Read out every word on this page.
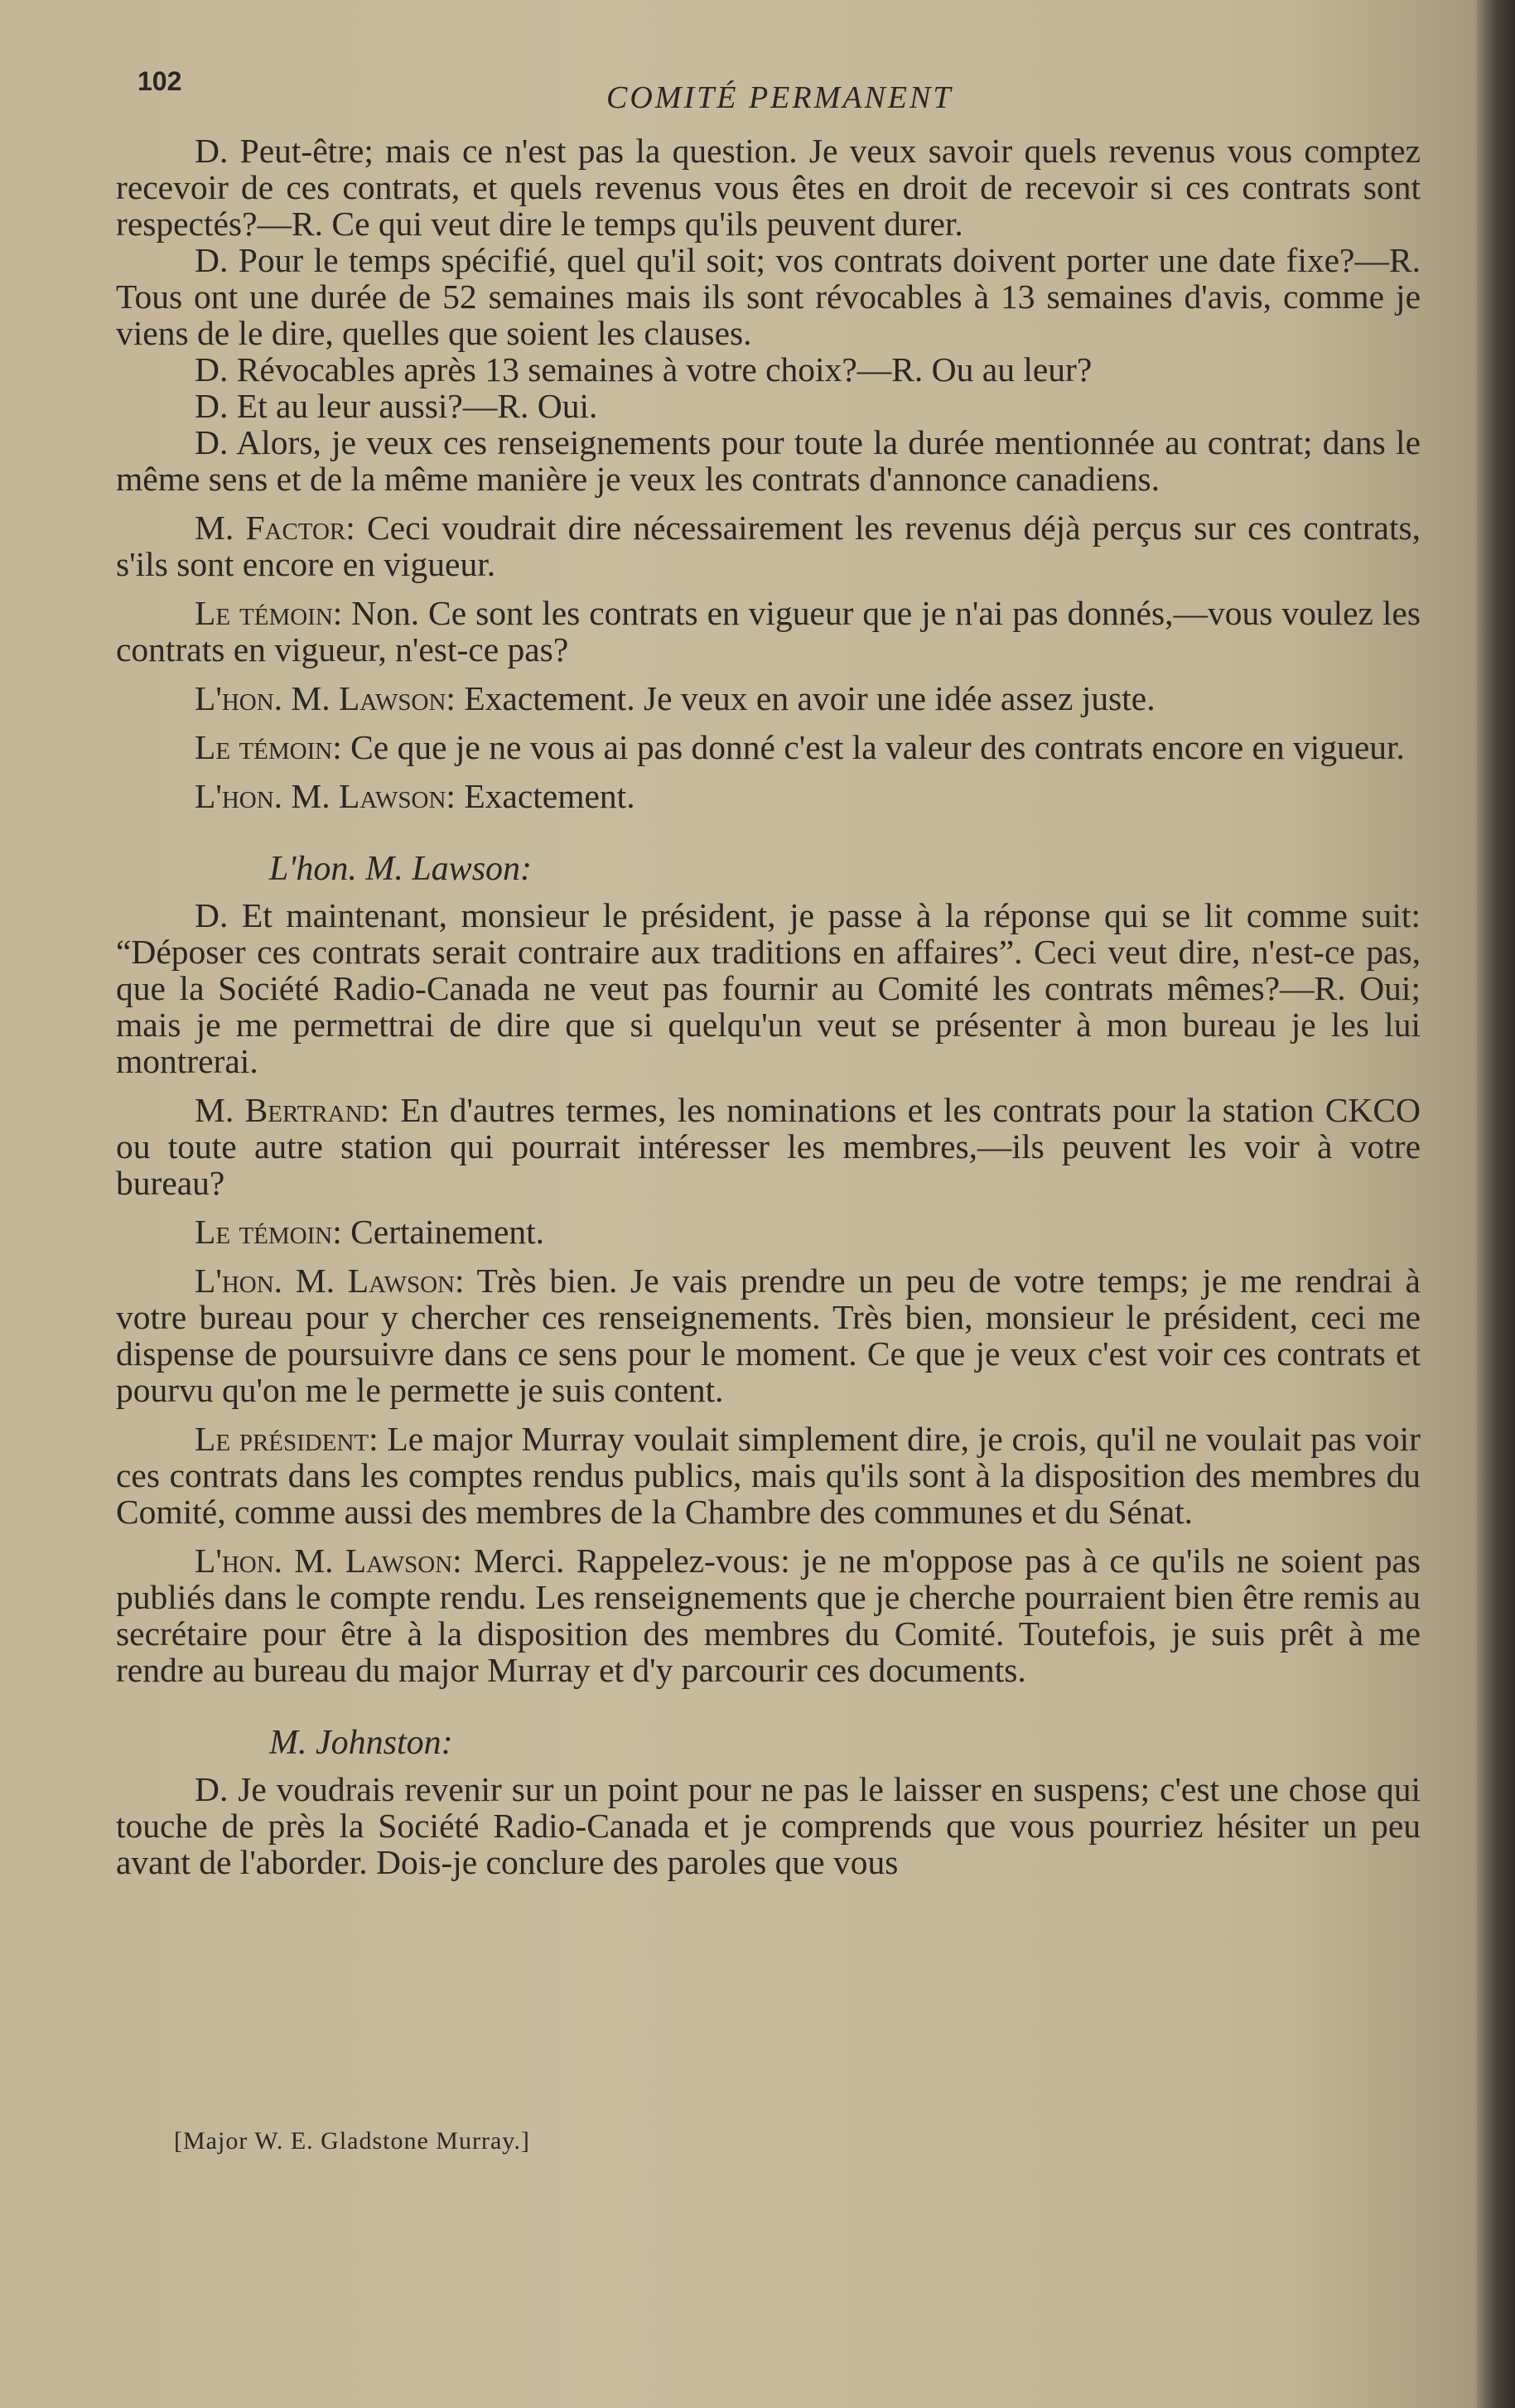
102	COMITÉ PERMANENT

D. Peut-être; mais ce n'est pas la question. Je veux savoir quels revenus vous comptez recevoir de ces contrats, et quels revenus vous êtes en droit de recevoir si ces contrats sont respectés?—R. Ce qui veut dire le temps qu'ils peuvent durer.

D. Pour le temps spécifié, quel qu'il soit; vos contrats doivent porter une date fixe?—R. Tous ont une durée de 52 semaines mais ils sont révocables à 13 semaines d'avis, comme je viens de le dire, quelles que soient les clauses.

D. Révocables après 13 semaines à votre choix?—R. Ou au leur?

D. Et au leur aussi?—R. Oui.

D. Alors, je veux ces renseignements pour toute la durée mentionnée au contrat; dans le même sens et de la même manière je veux les contrats d'annonce canadiens.

M. Factor: Ceci voudrait dire nécessairement les revenus déjà perçus sur ces contrats, s'ils sont encore en vigueur.

Le témoin: Non. Ce sont les contrats en vigueur que je n'ai pas donnés,—vous voulez les contrats en vigueur, n'est-ce pas?

L'hon. M. Lawson: Exactement. Je veux en avoir une idée assez juste.

Le témoin: Ce que je ne vous ai pas donné c'est la valeur des contrats encore en vigueur.

L'hon. M. Lawson: Exactement.

L'hon. M. Lawson:

D. Et maintenant, monsieur le président, je passe à la réponse qui se lit comme suit: “Déposer ces contrats serait contraire aux traditions en affaires”. Ceci veut dire, n'est-ce pas, que la Société Radio-Canada ne veut pas fournir au Comité les contrats mêmes?—R. Oui; mais je me permettrai de dire que si quelqu'un veut se présenter à mon bureau je les lui montrerai.

M. Bertrand: En d'autres termes, les nominations et les contrats pour la station CKCO ou toute autre station qui pourrait intéresser les membres,—ils peuvent les voir à votre bureau?

Le témoin: Certainement.

L'hon. M. Lawson: Très bien. Je vais prendre un peu de votre temps; je me rendrai à votre bureau pour y chercher ces renseignements. Très bien, monsieur le président, ceci me dispense de poursuivre dans ce sens pour le moment. Ce que je veux c'est voir ces contrats et pourvu qu'on me le permette je suis content.

Le président: Le major Murray voulait simplement dire, je crois, qu'il ne voulait pas voir ces contrats dans les comptes rendus publics, mais qu'ils sont à la disposition des membres du Comité, comme aussi des membres de la Chambre des communes et du Sénat.

L'hon. M. Lawson: Merci. Rappelez-vous: je ne m'oppose pas à ce qu'ils ne soient pas publiés dans le compte rendu. Les renseignements que je cherche pourraient bien être remis au secrétaire pour être à la disposition des membres du Comité. Toutefois, je suis prêt à me rendre au bureau du major Murray et d'y parcourir ces documents.

M. Johnston:

D. Je voudrais revenir sur un point pour ne pas le laisser en suspens; c'est une chose qui touche de près la Société Radio-Canada et je comprends que vous pourriez hésiter un peu avant de l'aborder. Dois-je conclure des paroles que vous

[Major W. E. Gladstone Murray.]
